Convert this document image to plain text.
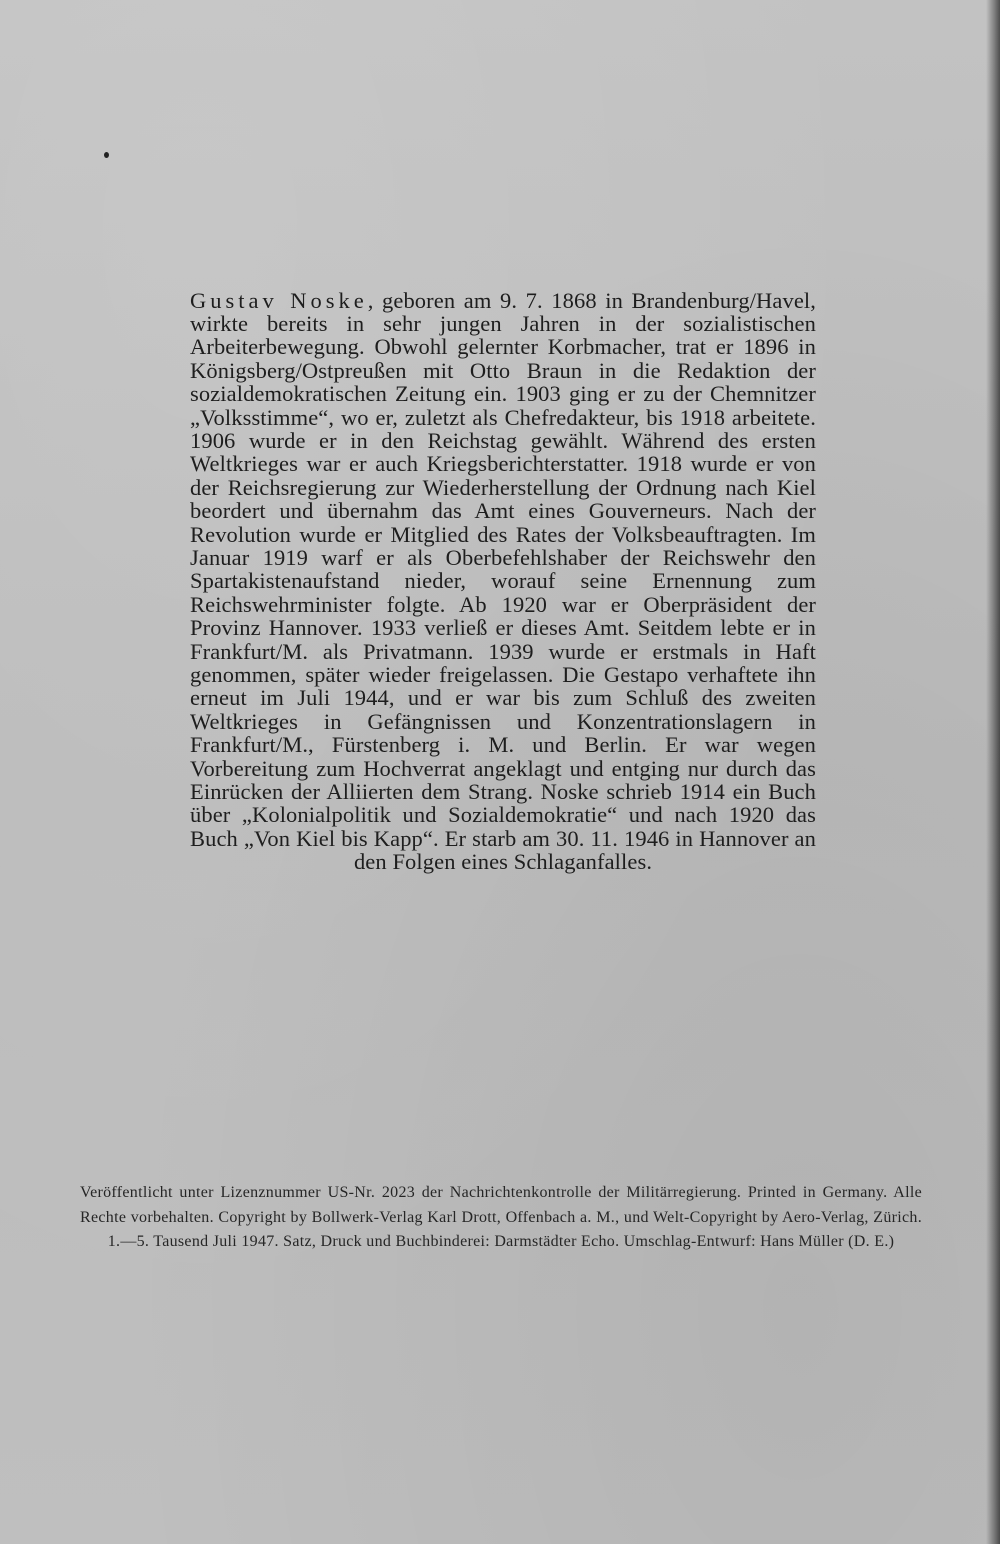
Gustav Noske, geboren am 9. 7. 1868 in Brandenburg/Havel, wirkte bereits in sehr jungen Jahren in der sozialistischen Arbeiterbewegung. Obwohl gelernter Korbmacher, trat er 1896 in Königsberg/Ostpreußen mit Otto Braun in die Redaktion der sozialdemokratischen Zeitung ein. 1903 ging er zu der Chemnitzer „Volksstimme“, wo er, zuletzt als Chefredakteur, bis 1918 arbeitete. 1906 wurde er in den Reichstag gewählt. Während des ersten Weltkrieges war er auch Kriegsberichterstatter. 1918 wurde er von der Reichsregierung zur Wiederherstellung der Ordnung nach Kiel beordert und übernahm das Amt eines Gouverneurs. Nach der Revolution wurde er Mitglied des Rates der Volksbeauftragten. Im Januar 1919 warf er als Oberbefehlshaber der Reichswehr den Spartakistenaufstand nieder, worauf seine Ernennung zum Reichswehrminister folgte. Ab 1920 war er Oberpräsident der Provinz Hannover. 1933 verließ er dieses Amt. Seitdem lebte er in Frankfurt/M. als Privatmann. 1939 wurde er erstmals in Haft genommen, später wieder freigelassen. Die Gestapo verhaftete ihn erneut im Juli 1944, und er war bis zum Schluß des zweiten Weltkrieges in Gefängnissen und Konzentrationslagern in Frankfurt/M., Fürstenberg i. M. und Berlin. Er war wegen Vorbereitung zum Hochverrat angeklagt und entging nur durch das Einrücken der Alliierten dem Strang. Noske schrieb 1914 ein Buch über „Kolonialpolitik und Sozialdemokratie“ und nach 1920 das Buch „Von Kiel bis Kapp“. Er starb am 30. 11. 1946 in Hannover an den Folgen eines Schlaganfalles.

Veröffentlicht unter Lizenznummer US-Nr. 2023 der Nachrichtenkontrolle der Militärregierung. Printed in Germany. Alle Rechte vorbehalten. Copyright by Bollwerk-Verlag Karl Drott, Offenbach a. M., und Welt-Copyright by Aero-Verlag, Zürich. 1.—5. Tausend Juli 1947. Satz, Druck und Buchbinderei: Darmstädter Echo. Umschlag-Entwurf: Hans Müller (D. E.)
